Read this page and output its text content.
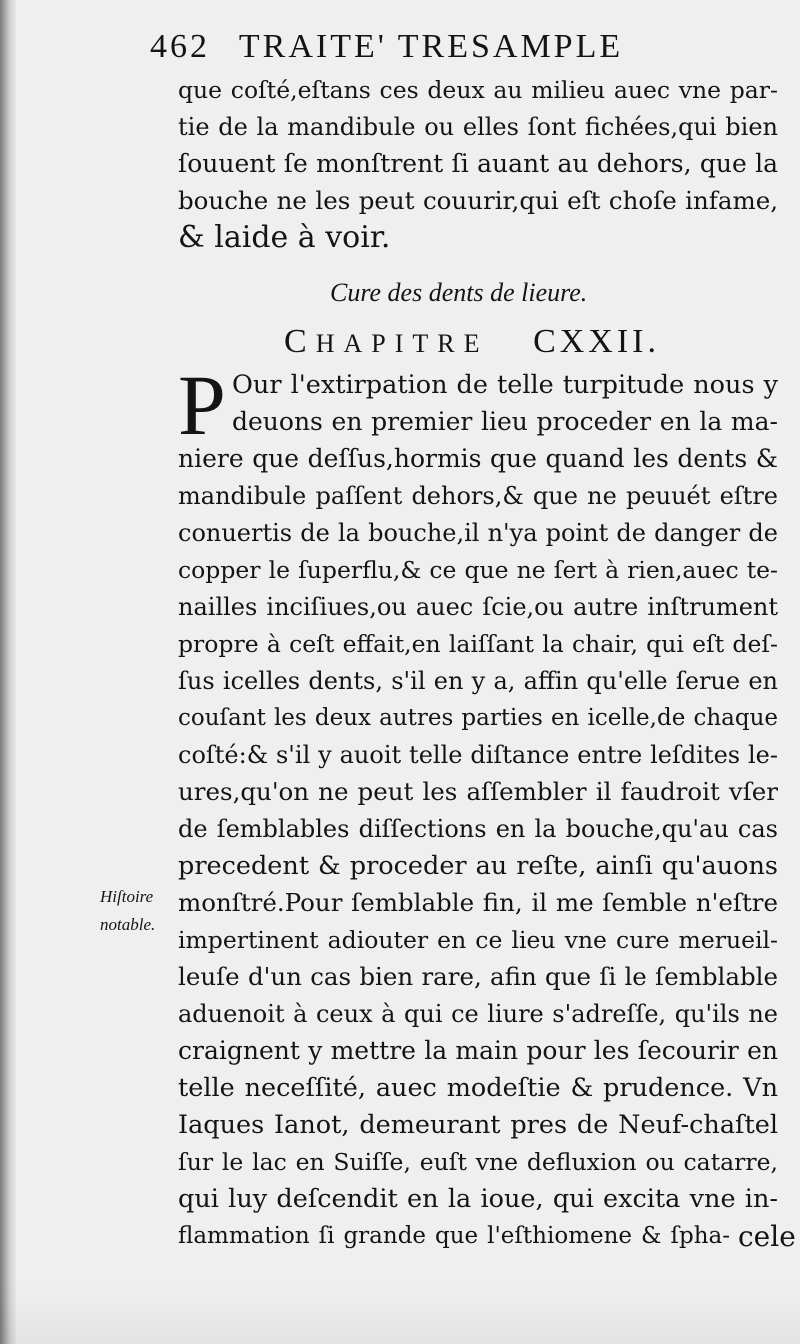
462 TRAITE' TRESAMPLE
que coſté,eſtans ces deux au milieu auec vne par-
tie de la mandibule ou elles ſont fichées,qui bien
ſouuent ſe monſtrent ſi auant au dehors, que la
bouche ne les peut couurir,qui eſt choſe infame,
& laide à voir.
Cure des dents de lieure.
CHAPITRE CXXII.
P Our l'extirpation de telle turpitude nous y
deuons en premier lieu proceder en la ma-
niere que deſſus,hormis que quand les dents &
mandibule paſſent dehors,& que ne peuuét eſtre
conuertis de la bouche,il n'ya point de danger de
copper le ſuperflu,& ce que ne ſert à rien,auec te-
nailles inciſiues,ou auec ſcie,ou autre inſtrument
propre à ceſt effait,en laiſſant la chair, qui eſt deſ-
ſus icelles dents, s'il en y a, affin qu'elle ſerue en
couſant les deux autres parties en icelle,de chaque
coſté:& s'il y auoit telle diſtance entre leſdites le-
ures,qu'on ne peut les aſſembler il faudroit vſer
de ſemblables diſſections en la bouche,qu'au cas
precedent & proceder au reſte, ainſi qu'auons
monſtré.Pour ſemblable fin, il me ſemble n'eſtre
impertinent adiouter en ce lieu vne cure merueil-
leuſe d'un cas bien rare, afin que ſi le ſemblable
aduenoit à ceux à qui ce liure s'adreſſe, qu'ils ne
craignent y mettre la main pour les ſecourir en
telle neceſſité, auec modeſtie & prudence. Vn
Iaques Ianot, demeurant pres de Neuf-chaſtel
ſur le lac en Suiſſe, euſt vne defluxion ou catarre,
qui luy deſcendit en la ioue, qui excita vne in-
flammation ſi grande que l'eſthiomene & ſpha-
Hiſtoire
notable.
cele
